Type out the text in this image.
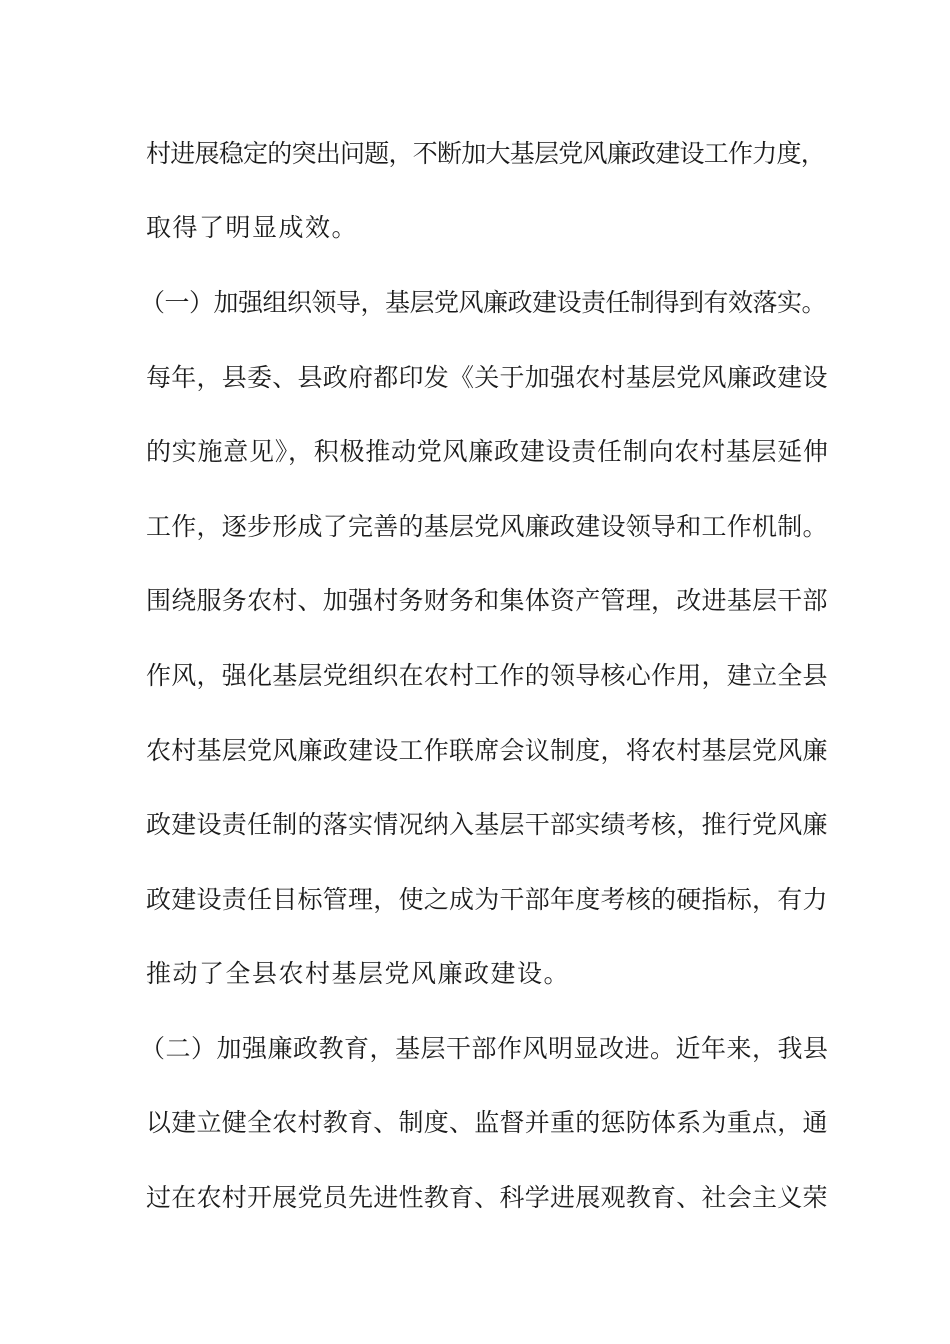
村进展稳定的突出问题，不断加大基层党风廉政建设工作力度，

取得了明显成效。

（一）加强组织领导，基层党风廉政建设责任制得到有效落实。

每年，县委、县政府都印发《关于加强农村基层党风廉政建设

的实施意见》，积极推动党风廉政建设责任制向农村基层延伸

工作，逐步形成了完善的基层党风廉政建设领导和工作机制。

围绕服务农村、加强村务财务和集体资产管理，改进基层干部

作风，强化基层党组织在农村工作的领导核心作用，建立全县

农村基层党风廉政建设工作联席会议制度，将农村基层党风廉

政建设责任制的落实情况纳入基层干部实绩考核，推行党风廉

政建设责任目标管理，使之成为干部年度考核的硬指标，有力

推动了全县农村基层党风廉政建设。

（二）加强廉政教育，基层干部作风明显改进。近年来，我县

以建立健全农村教育、制度、监督并重的惩防体系为重点，通

过在农村开展党员先进性教育、科学进展观教育、社会主义荣
